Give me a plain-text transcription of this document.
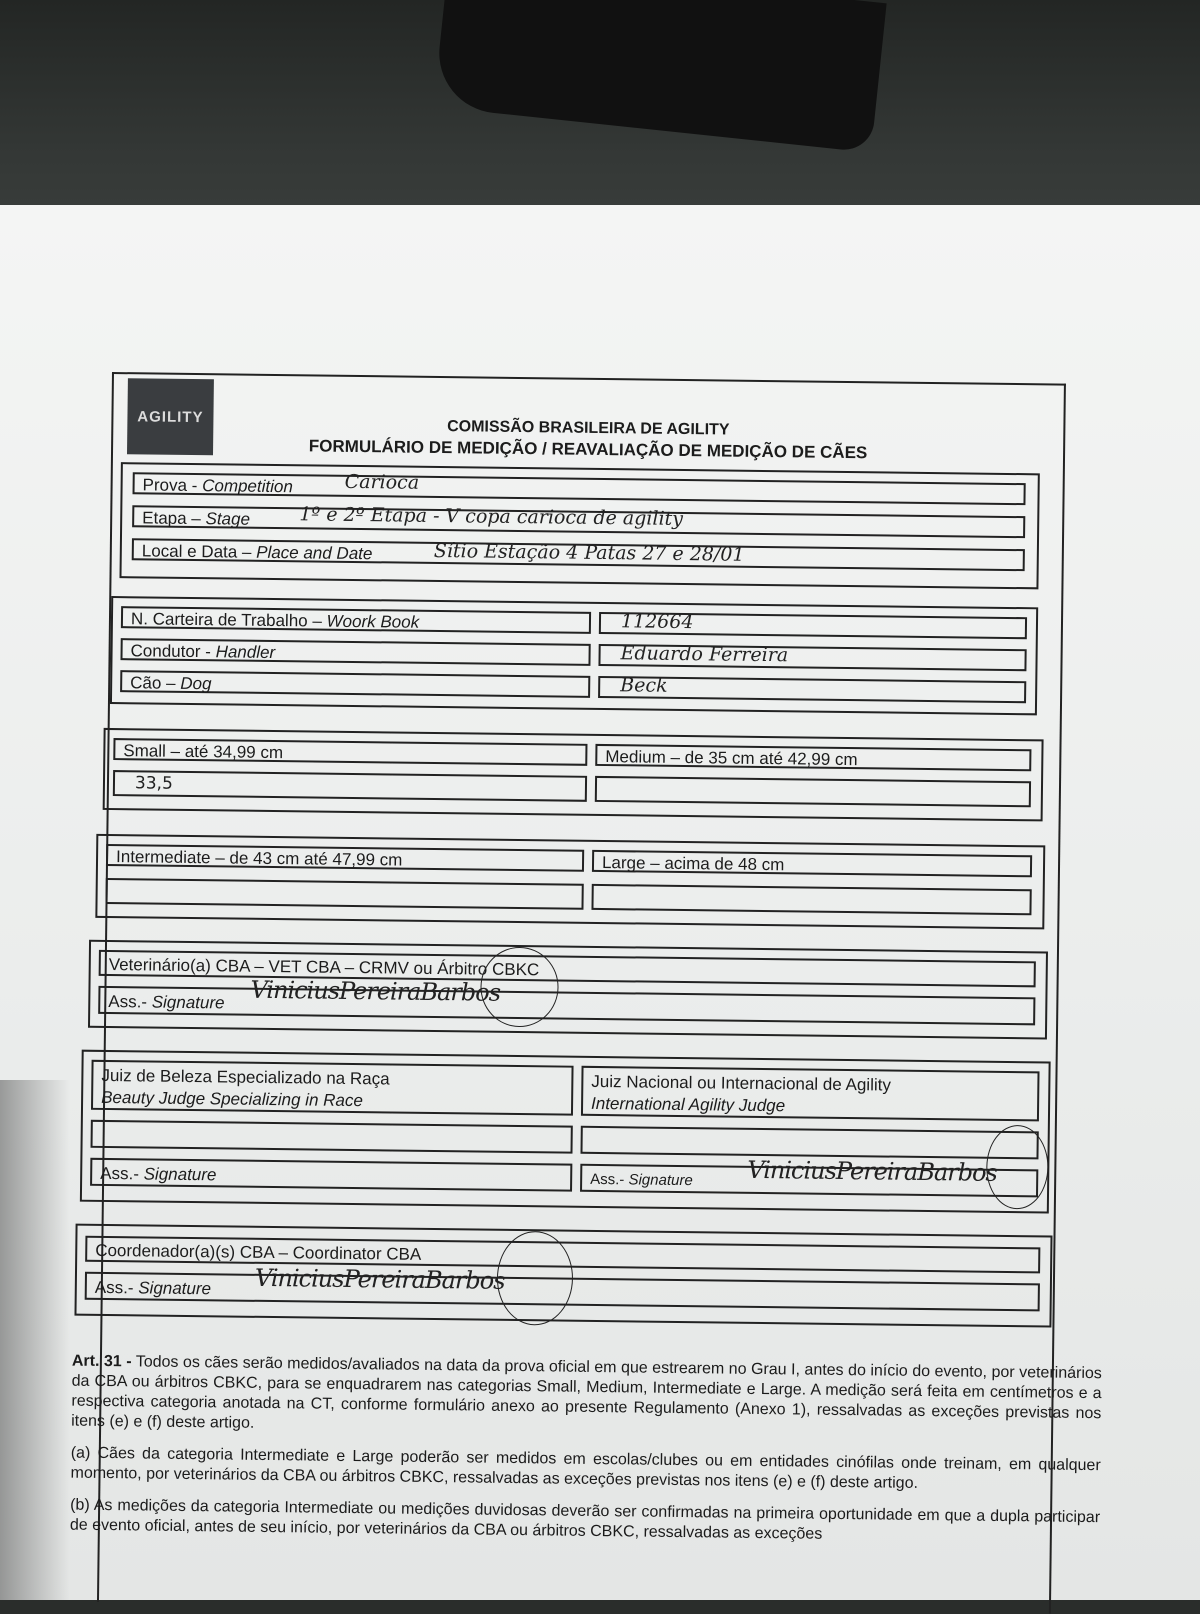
AGILITY
COMISSÃO BRASILEIRA DE AGILITY
FORMULÁRIO DE MEDIÇÃO / REAVALIAÇÃO DE MEDIÇÃO DE CÃES
Prova - Competition	Carioca
Etapa – Stage	1º e 2º Etapa - V copa carioca de agility
Local e Data – Place and Date	Sítio Estação 4 Patas 27 e 28/01
N. Carteira de Trabalho – Woork Book	112664
Condutor - Handler	Eduardo Ferreira
Cão – Dog	Beck
Small – até 34,99 cm	Medium – de 35 cm até 42,99 cm
33,5
Intermediate – de 43 cm até 47,99 cm	Large – acima de 48 cm
Veterinário(a) CBA – VET CBA – CRMV ou Árbitro CBKC
Ass.- Signature ViniciusPereiraBarbos
Juiz de Beleza Especializado na Raça
Beauty Judge Specializing in Race
Juiz Nacional ou Internacional de Agility
International Agility Judge
Ass.- Signature	Ass.- Signature ViniciusPereiraBarbos
Coordenador(a)(s) CBA – Coordinator CBA
Ass.- Signature ViniciusPereiraBarbos

Art. 31 - Todos os cães serão medidos/avaliados na data da prova oficial em que estrearem no Grau I, antes do início do evento, por veterinários da CBA ou árbitros CBKC, para se enquadrarem nas categorias Small, Medium, Intermediate e Large. A medição será feita em centímetros e a respectiva categoria anotada na CT, conforme formulário anexo ao presente Regulamento (Anexo 1), ressalvadas as exceções previstas nos itens (e) e (f) deste artigo.

(a) Cães da categoria Intermediate e Large poderão ser medidos em escolas/clubes ou em entidades cinófilas onde treinam, em qualquer momento, por veterinários da CBA ou árbitros CBKC, ressalvadas as exceções previstas nos itens (e) e (f) deste artigo.

(b) As medições da categoria Intermediate ou medições duvidosas deverão ser confirmadas na primeira oportunidade em que a dupla participar de evento oficial, antes de seu início, por veterinários da CBA ou árbitros CBKC, ressalvadas as exceções
